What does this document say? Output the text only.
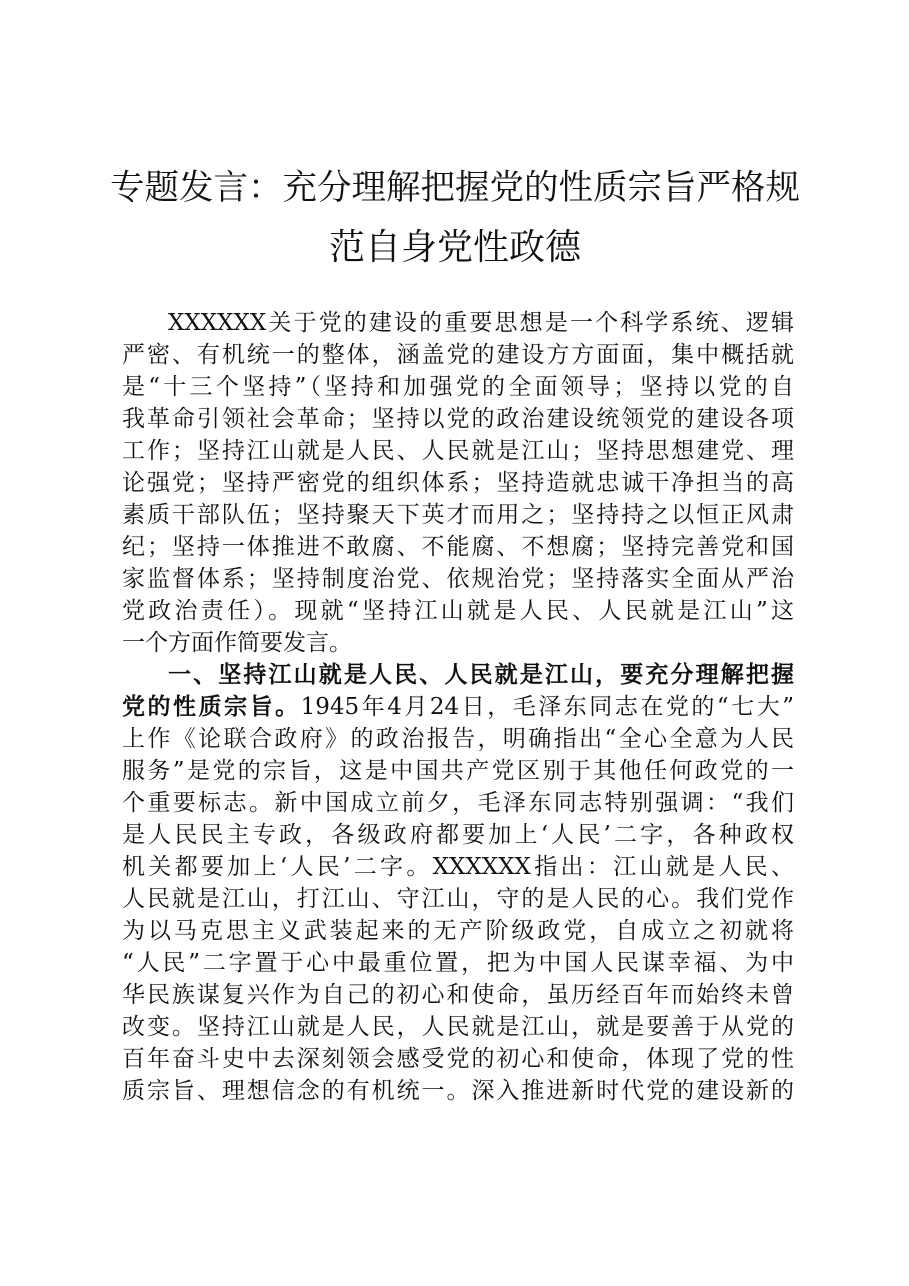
专题发言：充分理解把握党的性质宗旨严格规
范自身党性政德
XXXXXX关于党的建设的重要思想是一个科学系统、逻辑
严密、有机统一的整体，涵盖党的建设方方面面，集中概括就
是“十三个坚持”（坚持和加强党的全面领导；坚持以党的自
我革命引领社会革命；坚持以党的政治建设统领党的建设各项
工作；坚持江山就是人民、人民就是江山；坚持思想建党、理
论强党；坚持严密党的组织体系；坚持造就忠诚干净担当的高
素质干部队伍；坚持聚天下英才而用之；坚持持之以恒正风肃
纪；坚持一体推进不敢腐、不能腐、不想腐；坚持完善党和国
家监督体系；坚持制度治党、依规治党；坚持落实全面从严治
党政治责任）。现就“坚持江山就是人民、人民就是江山”这
一个方面作简要发言。
一、坚持江山就是人民、人民就是江山，要充分理解把握
党的性质宗旨。1945年4月24日，毛泽东同志在党的“七大”
上作《论联合政府》的政治报告，明确指出“全心全意为人民
服务”是党的宗旨，这是中国共产党区别于其他任何政党的一
个重要标志。新中国成立前夕，毛泽东同志特别强调：“我们
是人民民主专政，各级政府都要加上‘人民’二字，各种政权
机关都要加上‘人民’二字。XXXXXX指出：江山就是人民、
人民就是江山，打江山、守江山，守的是人民的心。我们党作
为以马克思主义武装起来的无产阶级政党，自成立之初就将
“人民”二字置于心中最重位置，把为中国人民谋幸福、为中
华民族谋复兴作为自己的初心和使命，虽历经百年而始终未曾
改变。坚持江山就是人民，人民就是江山，就是要善于从党的
百年奋斗史中去深刻领会感受党的初心和使命，体现了党的性
质宗旨、理想信念的有机统一。深入推进新时代党的建设新的
